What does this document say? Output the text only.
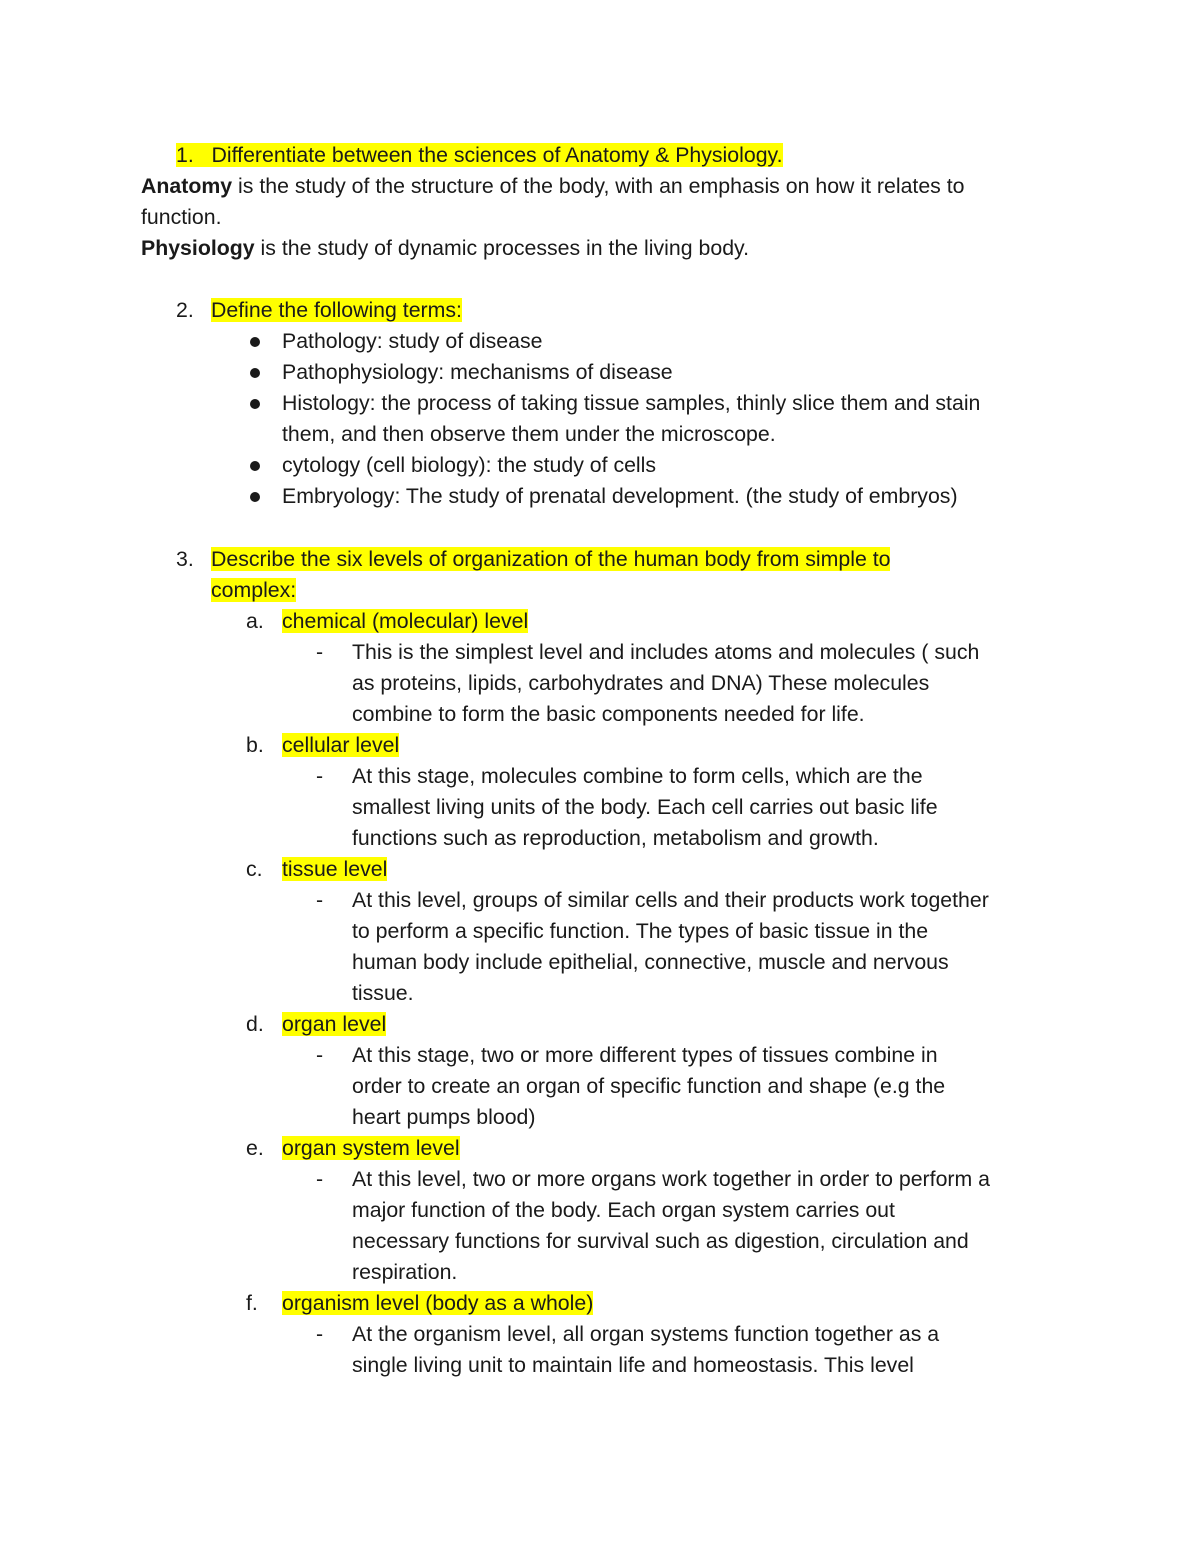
1. Differentiate between the sciences of Anatomy & Physiology.
Anatomy is the study of the structure of the body, with an emphasis on how it relates to
function.
Physiology is the study of dynamic processes in the living body.
2. Define the following terms:
3. Describe the six levels of organization of the human body from simple to
complex:
Pathology: study of disease
Pathophysiology: mechanisms of disease
Histology: the process of taking tissue samples, thinly slice them and stain
them, and then observe them under the microscope.
cytology (cell biology): the study of cells
Embryology: The study of prenatal development. (the study of embryos)
a. chemical (molecular) level
- This is the simplest level and includes atoms and molecules ( such
as proteins, lipids, carbohydrates and DNA) These molecules
combine to form the basic components needed for life.
b. cellular level
- At this stage, molecules combine to form cells, which are the
smallest living units of the body. Each cell carries out basic life
functions such as reproduction, metabolism and growth.
c. tissue level
- At this level, groups of similar cells and their products work together
to perform a specific function. The types of basic tissue in the
human body include epithelial, connective, muscle and nervous
tissue.
d. organ level
- At this stage, two or more different types of tissues combine in
order to create an organ of specific function and shape (e.g the
heart pumps blood)
e. organ system level
- At this level, two or more organs work together in order to perform a
major function of the body. Each organ system carries out
necessary functions for survival such as digestion, circulation and
respiration.
f. organism level (body as a whole)
- At the organism level, all organ systems function together as a
single living unit to maintain life and homeostasis. This level
